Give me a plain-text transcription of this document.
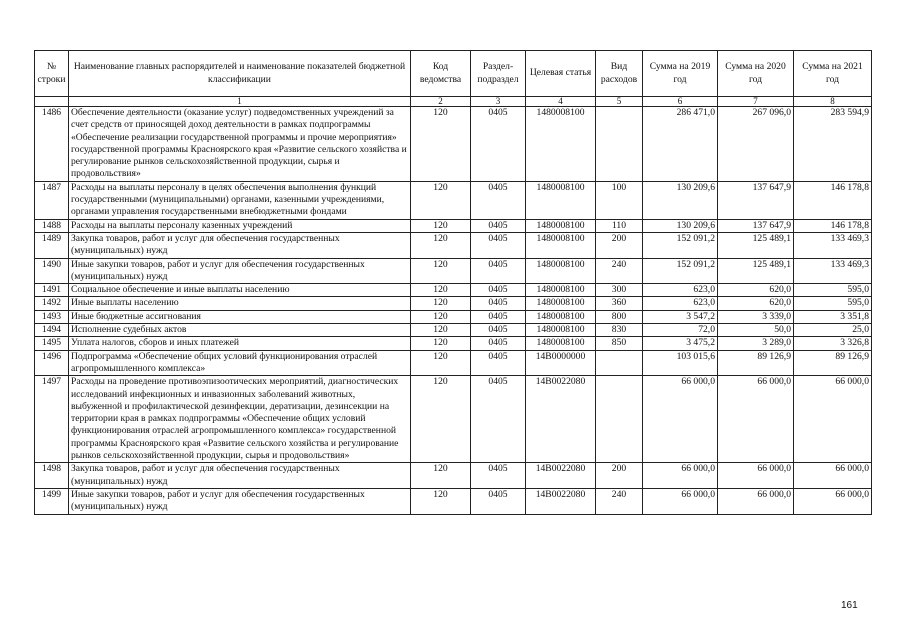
№ строки	Наименование главных распорядителей и наименование показателей бюджетной классификации	Код ведомства	Раздел-подраздел	Целевая статья	Вид расходов	Сумма на 2019 год	Сумма на 2020 год	Сумма на 2021 год
	1	2	3	4	5	6	7	8
1486	Обеспечение деятельности (оказание услуг) подведомственных учреждений за счет средств от приносящей доход деятельности в рамках подпрограммы «Обеспечение реализации государственной программы и прочие мероприятия» государственной программы Красноярского края «Развитие сельского хозяйства и регулирование рынков сельскохозяйственной продукции, сырья и продовольствия»	120	0405	1480008100		286 471,0	267 096,0	283 594,9
1487	Расходы на выплаты персоналу в целях обеспечения выполнения функций государственными (муниципальными) органами, казенными учреждениями, органами управления государственными внебюджетными фондами	120	0405	1480008100	100	130 209,6	137 647,9	146 178,8
1488	Расходы на выплаты персоналу казенных учреждений	120	0405	1480008100	110	130 209,6	137 647,9	146 178,8
1489	Закупка товаров, работ и услуг для обеспечения государственных (муниципальных) нужд	120	0405	1480008100	200	152 091,2	125 489,1	133 469,3
1490	Иные закупки товаров, работ и услуг для обеспечения государственных (муниципальных) нужд	120	0405	1480008100	240	152 091,2	125 489,1	133 469,3
1491	Социальное обеспечение и иные выплаты населению	120	0405	1480008100	300	623,0	620,0	595,0
1492	Иные выплаты населению	120	0405	1480008100	360	623,0	620,0	595,0
1493	Иные бюджетные ассигнования	120	0405	1480008100	800	3 547,2	3 339,0	3 351,8
1494	Исполнение судебных актов	120	0405	1480008100	830	72,0	50,0	25,0
1495	Уплата налогов, сборов и иных платежей	120	0405	1480008100	850	3 475,2	3 289,0	3 326,8
1496	Подпрограмма «Обеспечение общих условий функционирования отраслей агропромышленного комплекса»	120	0405	14В0000000		103 015,6	89 126,9	89 126,9
1497	Расходы на проведение противоэпизоотических мероприятий, диагностических исследований инфекционных и инвазионных заболеваний животных, выбуженной и профилактической дезинфекции, дератизации, дезинсекции на территории края в рамках подпрограммы «Обеспечение общих условий функционирования отраслей агропромышленного комплекса» государственной программы Красноярского края «Развитие сельского хозяйства и регулирование рынков сельскохозяйственной продукции, сырья и продовольствия»	120	0405	14В0022080		66 000,0	66 000,0	66 000,0
1498	Закупка товаров, работ и услуг для обеспечения государственных (муниципальных) нужд	120	0405	14В0022080	200	66 000,0	66 000,0	66 000,0
1499	Иные закупки товаров, работ и услуг для обеспечения государственных (муниципальных) нужд	120	0405	14В0022080	240	66 000,0	66 000,0	66 000,0
161
